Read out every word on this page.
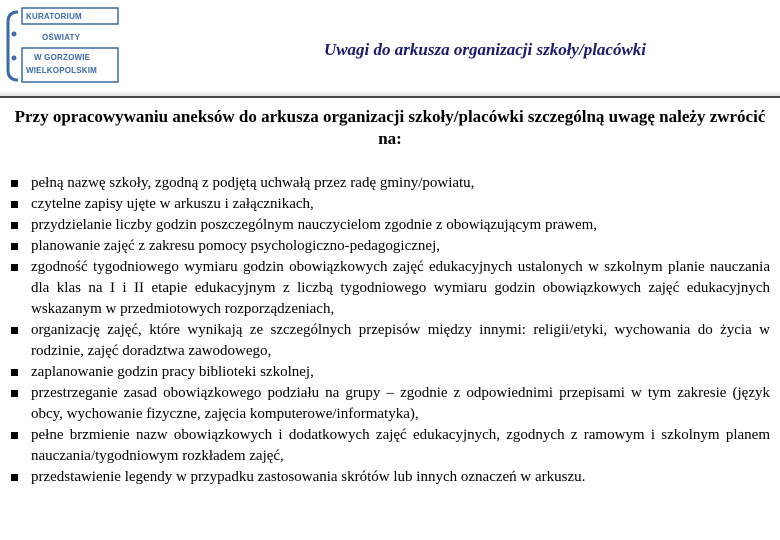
KURATORIUM
OŚWIATY
W GORZOWIE
WIELKOPOLSKIM
Uwagi do arkusza organizacji szkoły/placówki
Przy opracowywaniu aneksów do arkusza organizacji szkoły/placówki szczególną uwagę należy zwrócić na:
pełną nazwę szkoły, zgodną z podjętą uchwałą przez radę gminy/powiatu,
czytelne zapisy ujęte w arkuszu i załącznikach,
przydzielanie liczby godzin poszczególnym nauczycielom zgodnie z obowiązującym prawem,
planowanie zajęć z zakresu pomocy psychologiczno-pedagogicznej,
zgodność tygodniowego wymiaru godzin obowiązkowych zajęć edukacyjnych ustalonych w szkolnym planie nauczania dla klas na I i II etapie edukacyjnym z liczbą tygodniowego wymiaru godzin obowiązkowych zajęć edukacyjnych wskazanym w przedmiotowych rozporządzeniach,
organizację zajęć, które wynikają ze szczególnych przepisów między innymi: religii/etyki, wychowania do życia w rodzinie, zajęć doradztwa zawodowego,
zaplanowanie godzin pracy biblioteki szkolnej,
przestrzeganie zasad obowiązkowego podziału na grupy – zgodnie z odpowiednimi przepisami w tym zakresie (język obcy, wychowanie fizyczne, zajęcia komputerowe/informatyka),
pełne brzmienie nazw obowiązkowych i dodatkowych zajęć edukacyjnych, zgodnych z ramowym i szkolnym planem nauczania/tygodniowym rozkładem zajęć,
przedstawienie legendy w przypadku zastosowania skrótów lub innych oznaczeń w arkuszu.
